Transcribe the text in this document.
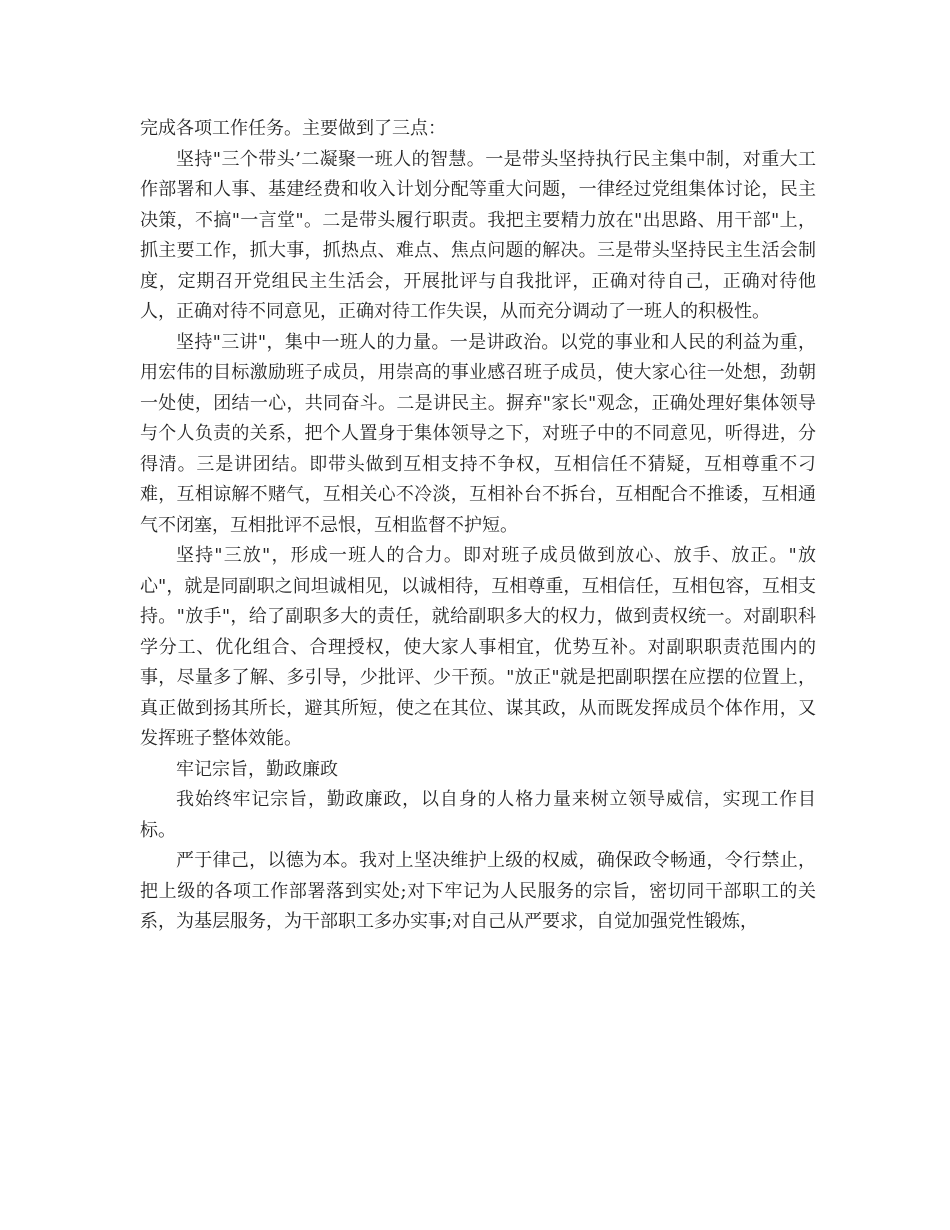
完成各项工作任务。主要做到了三点：

坚持"三个带头’二凝聚一班人的智慧。一是带头坚持执行民主集中制，对重大工作部署和人事、基建经费和收入计划分配等重大问题，一律经过党组集体讨论，民主决策，不搞"一言堂"。二是带头履行职责。我把主要精力放在"出思路、用干部"上，抓主要工作，抓大事，抓热点、难点、焦点问题的解决。三是带头坚持民主生活会制度，定期召开党组民主生活会，开展批评与自我批评，正确对待自己，正确对待他人，正确对待不同意见，正确对待工作失误，从而充分调动了一班人的积极性。

坚持"三讲"，集中一班人的力量。一是讲政治。以党的事业和人民的利益为重，用宏伟的目标激励班子成员，用崇高的事业感召班子成员，使大家心往一处想，劲朝一处使，团结一心，共同奋斗。二是讲民主。摒弃"家长"观念，正确处理好集体领导与个人负责的关系，把个人置身于集体领导之下，对班子中的不同意见，听得进，分得清。三是讲团结。即带头做到互相支持不争权，互相信任不猜疑，互相尊重不刁难，互相谅解不赌气，互相关心不冷淡，互相补台不拆台，互相配合不推诿，互相通气不闭塞，互相批评不忌恨，互相监督不护短。

坚持"三放"，形成一班人的合力。即对班子成员做到放心、放手、放正。"放心"，就是同副职之间坦诚相见，以诚相待，互相尊重，互相信任，互相包容，互相支持。"放手"，给了副职多大的责任，就给副职多大的权力，做到责权统一。对副职科学分工、优化组合、合理授权，使大家人事相宜，优势互补。对副职职责范围内的事，尽量多了解、多引导，少批评、少干预。"放正"就是把副职摆在应摆的位置上，真正做到扬其所长，避其所短，使之在其位、谋其政，从而既发挥成员个体作用，又发挥班子整体效能。

牢记宗旨，勤政廉政

我始终牢记宗旨，勤政廉政，以自身的人格力量来树立领导威信，实现工作目标。

严于律己，以德为本。我对上坚决维护上级的权威，确保政令畅通，令行禁止，把上级的各项工作部署落到实处;对下牢记为人民服务的宗旨，密切同干部职工的关系，为基层服务，为干部职工多办实事;对自己从严要求，自觉加强党性锻炼，
